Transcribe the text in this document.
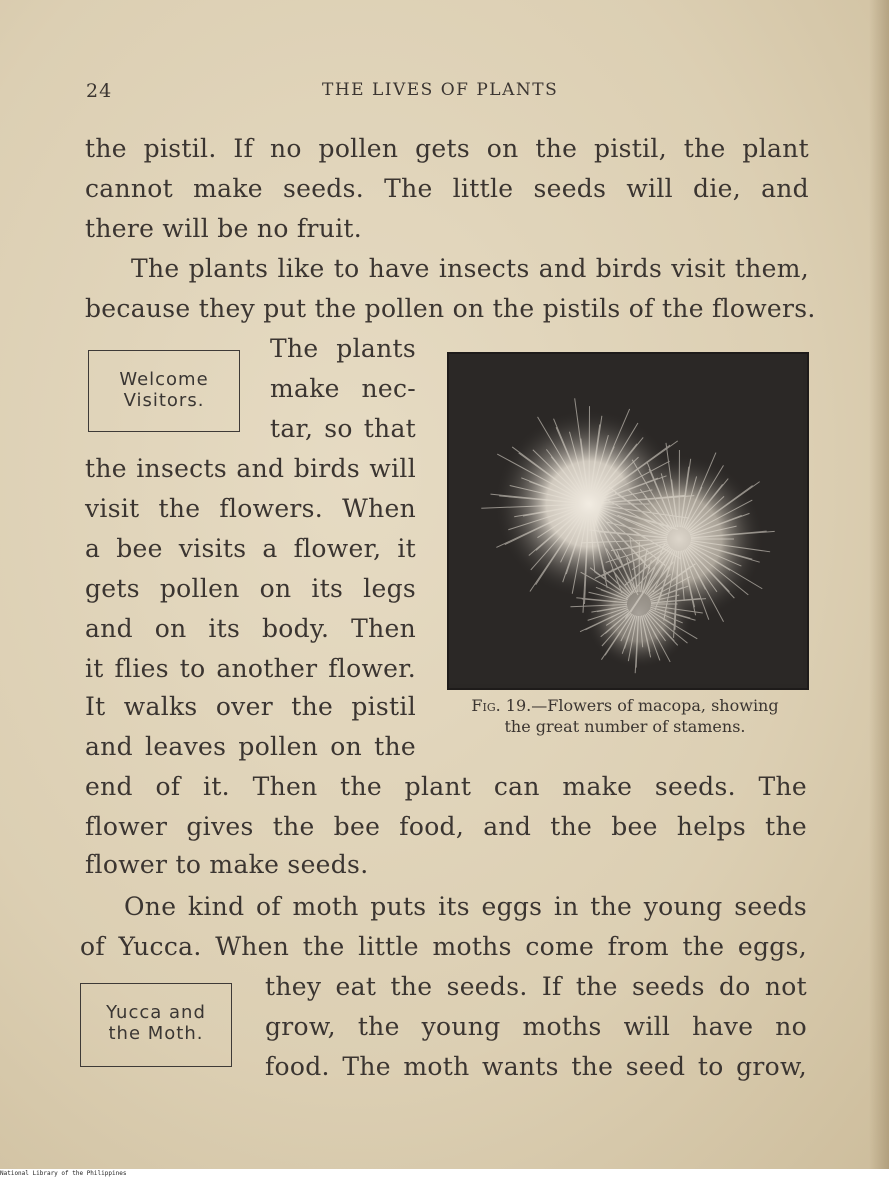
24	THE LIVES OF PLANTS
the pistil. If no pollen gets on the pistil, the plant
cannot make seeds. The little seeds will die, and
there will be no fruit.
The plants like to have insects and birds visit them,
because they put the pollen on the pistils of the flowers.
Welcome
Visitors.
The plants
make nec-
tar, so that
the insects and birds will
visit the flowers. When
a bee visits a flower, it
gets pollen on its legs
and on its body. Then
it flies to another flower.
It walks over the pistil
and leaves pollen on the
Fig. 19.—Flowers of macopa, showing
the great number of stamens.
end of it. Then the plant can make seeds. The
flower gives the bee food, and the bee helps the
flower to make seeds.
One kind of moth puts its eggs in the young seeds
of Yucca. When the little moths come from the eggs,
Yucca and
the Moth.
they eat the seeds. If the seeds do not
grow, the young moths will have no
food. The moth wants the seed to grow,
National Library of the Philippines
